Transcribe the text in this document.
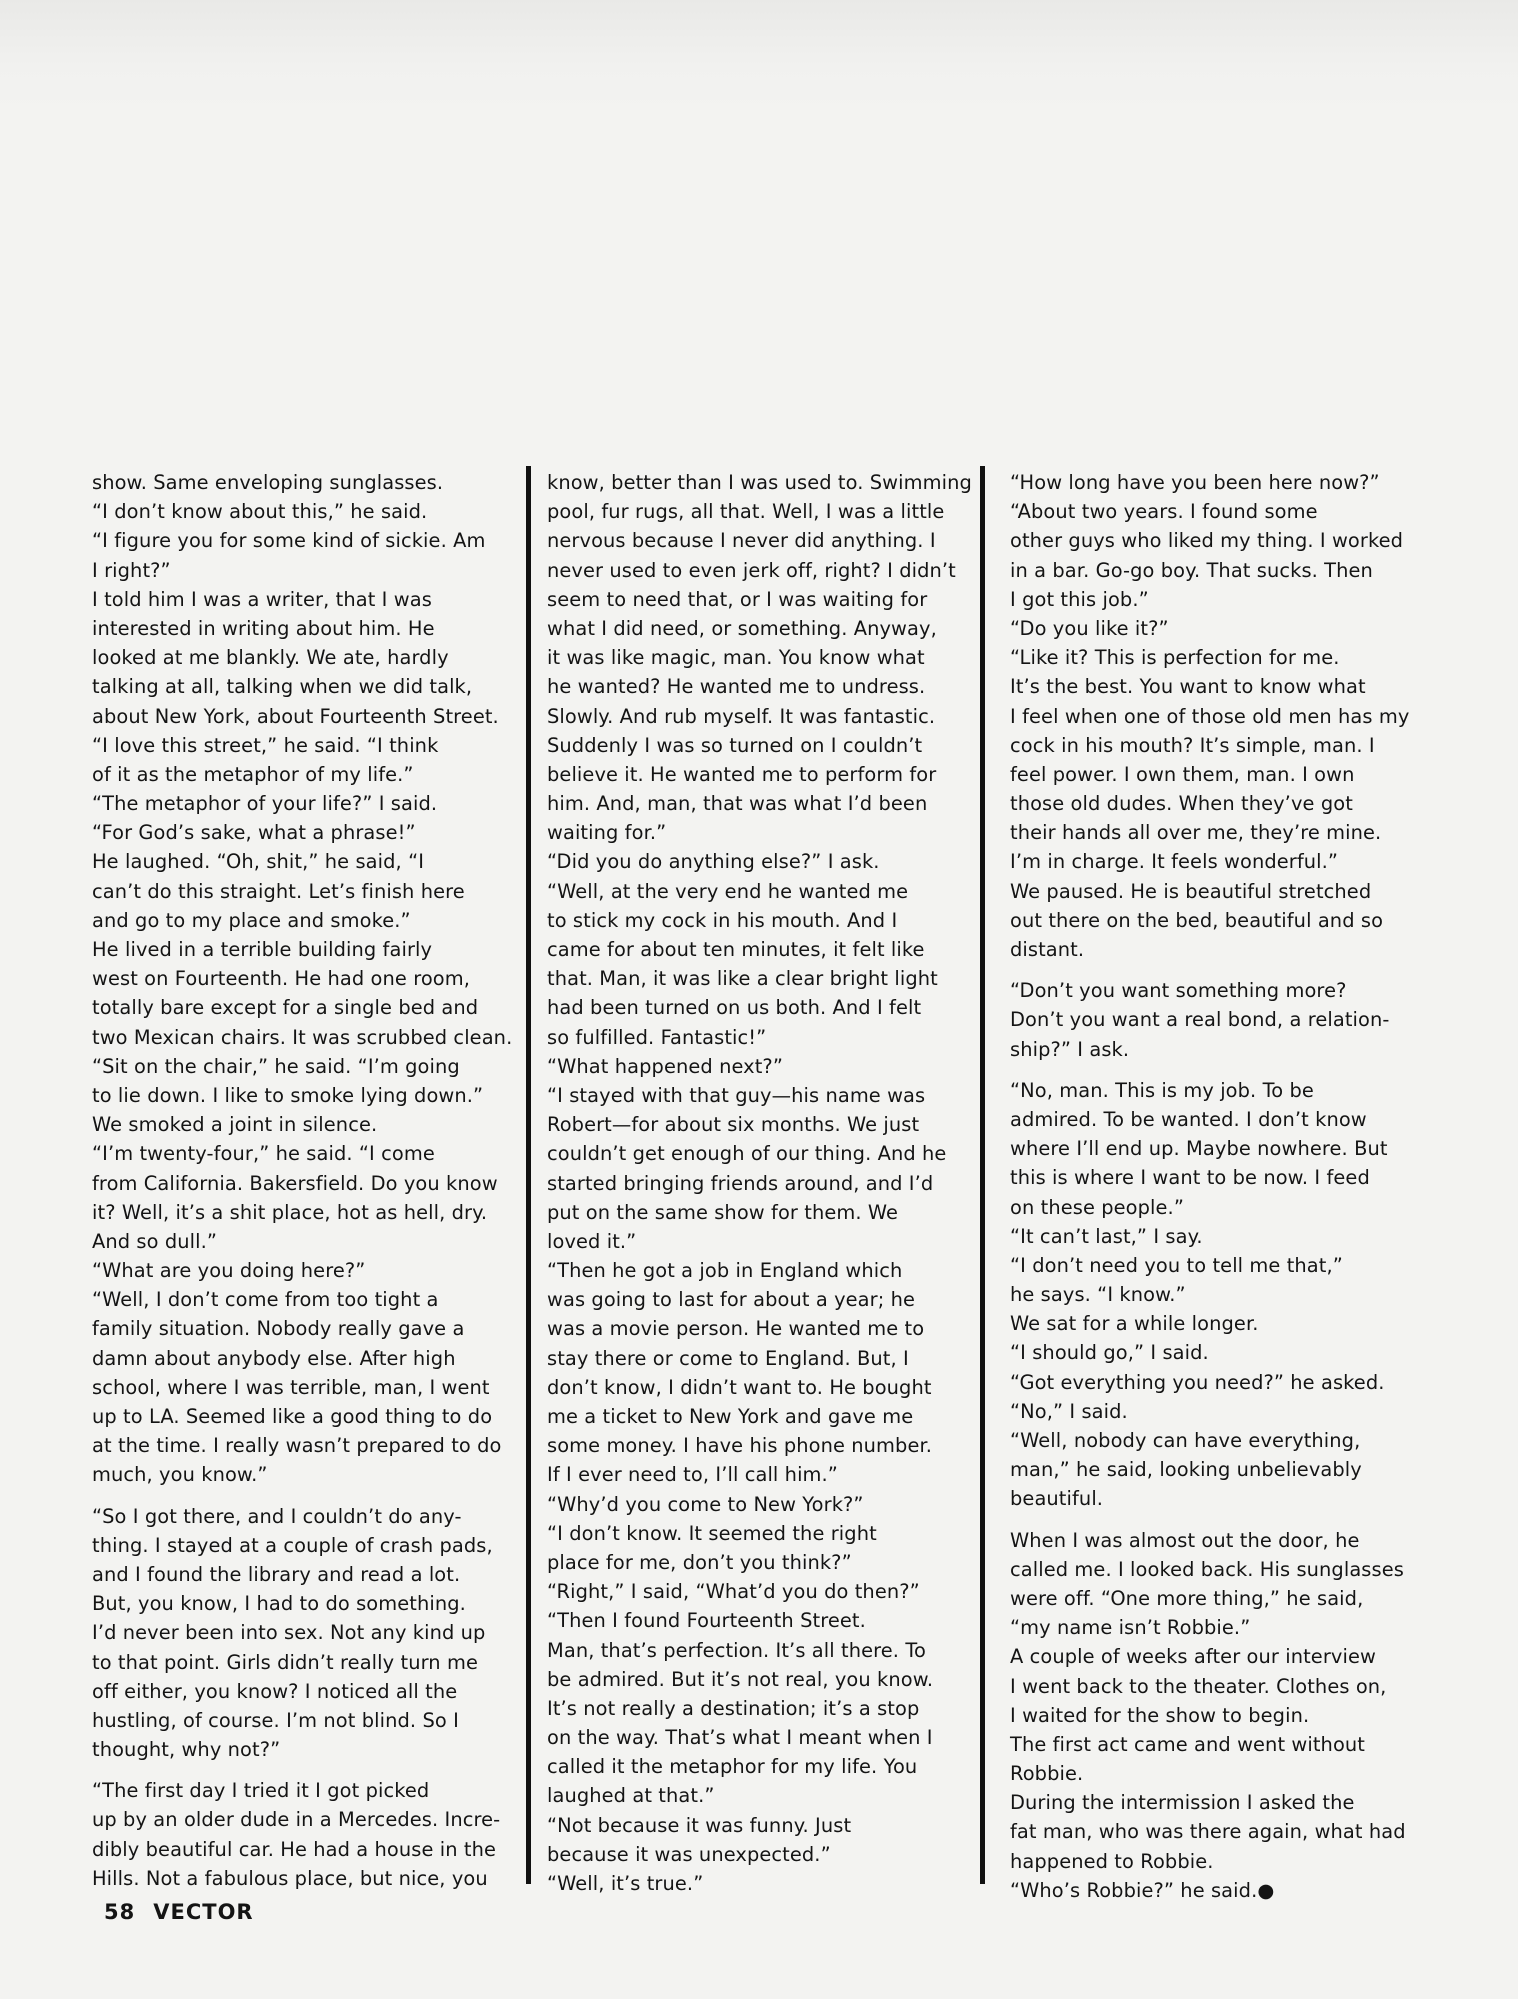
show. Same enveloping sunglasses.
“I don’t know about this,” he said.
“I figure you for some kind of sickie. Am
I right?”
I told him I was a writer, that I was
interested in writing about him. He
looked at me blankly. We ate, hardly
talking at all, talking when we did talk,
about New York, about Fourteenth Street.
“I love this street,” he said. “I think
of it as the metaphor of my life.”
“The metaphor of your life?” I said.
“For God’s sake, what a phrase!”
He laughed. “Oh, shit,” he said, “I
can’t do this straight. Let’s finish here
and go to my place and smoke.”
He lived in a terrible building fairly
west on Fourteenth. He had one room,
totally bare except for a single bed and
two Mexican chairs. It was scrubbed clean.
“Sit on the chair,” he said. “I’m going
to lie down. I like to smoke lying down.”
We smoked a joint in silence.
“I’m twenty-four,” he said. “I come
from California. Bakersfield. Do you know
it? Well, it’s a shit place, hot as hell, dry.
And so dull.”
“What are you doing here?”
“Well, I don’t come from too tight a
family situation. Nobody really gave a
damn about anybody else. After high
school, where I was terrible, man, I went
up to LA. Seemed like a good thing to do
at the time. I really wasn’t prepared to do
much, you know.”
“So I got there, and I couldn’t do any-
thing. I stayed at a couple of crash pads,
and I found the library and read a lot.
But, you know, I had to do something.
I’d never been into sex. Not any kind up
to that point. Girls didn’t really turn me
off either, you know? I noticed all the
hustling, of course. I’m not blind. So I
thought, why not?”
“The first day I tried it I got picked
up by an older dude in a Mercedes. Incre-
dibly beautiful car. He had a house in the
Hills. Not a fabulous place, but nice, you
know, better than I was used to. Swimming
pool, fur rugs, all that. Well, I was a little
nervous because I never did anything. I
never used to even jerk off, right? I didn’t
seem to need that, or I was waiting for
what I did need, or something. Anyway,
it was like magic, man. You know what
he wanted? He wanted me to undress.
Slowly. And rub myself. It was fantastic.
Suddenly I was so turned on I couldn’t
believe it. He wanted me to perform for
him. And, man, that was what I’d been
waiting for.”
“Did you do anything else?” I ask.
“Well, at the very end he wanted me
to stick my cock in his mouth. And I
came for about ten minutes, it felt like
that. Man, it was like a clear bright light
had been turned on us both. And I felt
so fulfilled. Fantastic!”
“What happened next?”
“I stayed with that guy—his name was
Robert—for about six months. We just
couldn’t get enough of our thing. And he
started bringing friends around, and I’d
put on the same show for them. We
loved it.”
“Then he got a job in England which
was going to last for about a year; he
was a movie person. He wanted me to
stay there or come to England. But, I
don’t know, I didn’t want to. He bought
me a ticket to New York and gave me
some money. I have his phone number.
If I ever need to, I’ll call him.”
“Why’d you come to New York?”
“I don’t know. It seemed the right
place for me, don’t you think?”
“Right,” I said, “What’d you do then?”
“Then I found Fourteenth Street.
Man, that’s perfection. It’s all there. To
be admired. But it’s not real, you know.
It’s not really a destination; it’s a stop
on the way. That’s what I meant when I
called it the metaphor for my life. You
laughed at that.”
“Not because it was funny. Just
because it was unexpected.”
“Well, it’s true.”
“How long have you been here now?”
“About two years. I found some
other guys who liked my thing. I worked
in a bar. Go-go boy. That sucks. Then
I got this job.”
“Do you like it?”
“Like it? This is perfection for me.
It’s the best. You want to know what
I feel when one of those old men has my
cock in his mouth? It’s simple, man. I
feel power. I own them, man. I own
those old dudes. When they’ve got
their hands all over me, they’re mine.
I’m in charge. It feels wonderful.”
We paused. He is beautiful stretched
out there on the bed, beautiful and so
distant.
“Don’t you want something more?
Don’t you want a real bond, a relation-
ship?” I ask.
“No, man. This is my job. To be
admired. To be wanted. I don’t know
where I’ll end up. Maybe nowhere. But
this is where I want to be now. I feed
on these people.”
“It can’t last,” I say.
“I don’t need you to tell me that,”
he says. “I know.”
We sat for a while longer.
“I should go,” I said.
“Got everything you need?” he asked.
“No,” I said.
“Well, nobody can have everything,
man,” he said, looking unbelievably
beautiful.
When I was almost out the door, he
called me. I looked back. His sunglasses
were off. “One more thing,” he said,
“my name isn’t Robbie.”
A couple of weeks after our interview
I went back to the theater. Clothes on,
I waited for the show to begin.
The first act came and went without
Robbie.
During the intermission I asked the
fat man, who was there again, what had
happened to Robbie.
“Who’s Robbie?” he said.●
58 VECTOR
